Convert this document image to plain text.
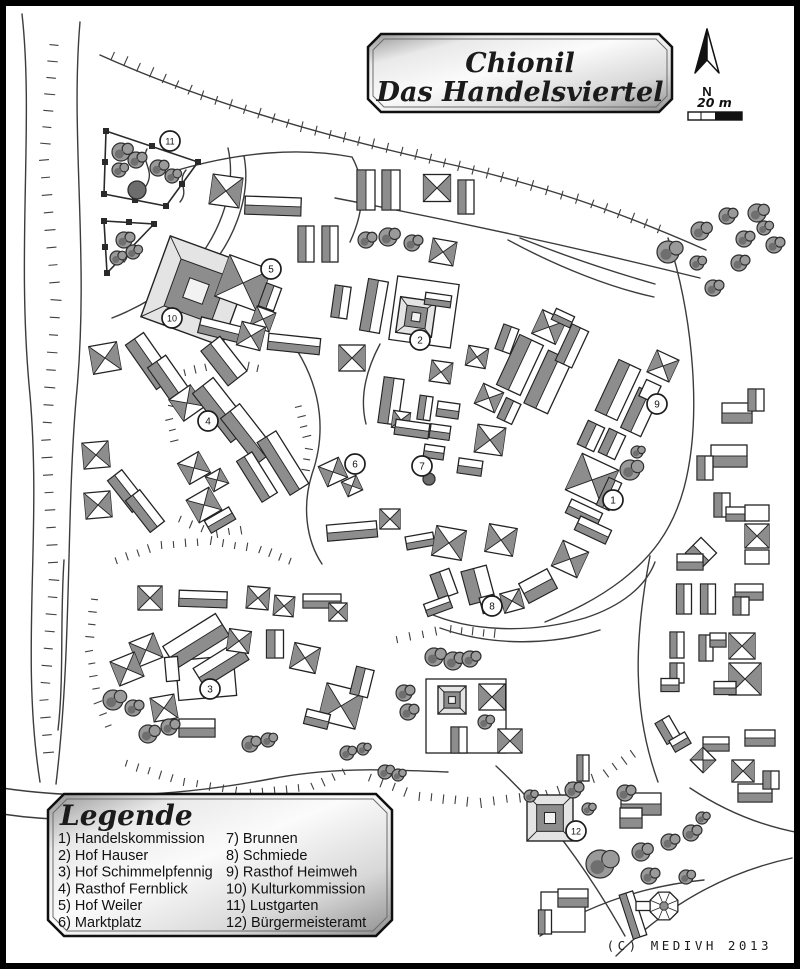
1
2
3
4
5
6	7
8
9
10
11
12
Chionil
Das Handelsviertel	N
20 m
Legende
1) Handelskommission
2) Hof Hauser
3) Hof Schimmelpfennig
4) Rasthof Fernblick
5) Hof Weiler
6) Marktplatz
7) Brunnen
8) Schmiede
9) Rasthof Heimweh
10) Kulturkommission
11) Lustgarten
12) Bürgermeisteramt
(C) MEDIVH 2013
